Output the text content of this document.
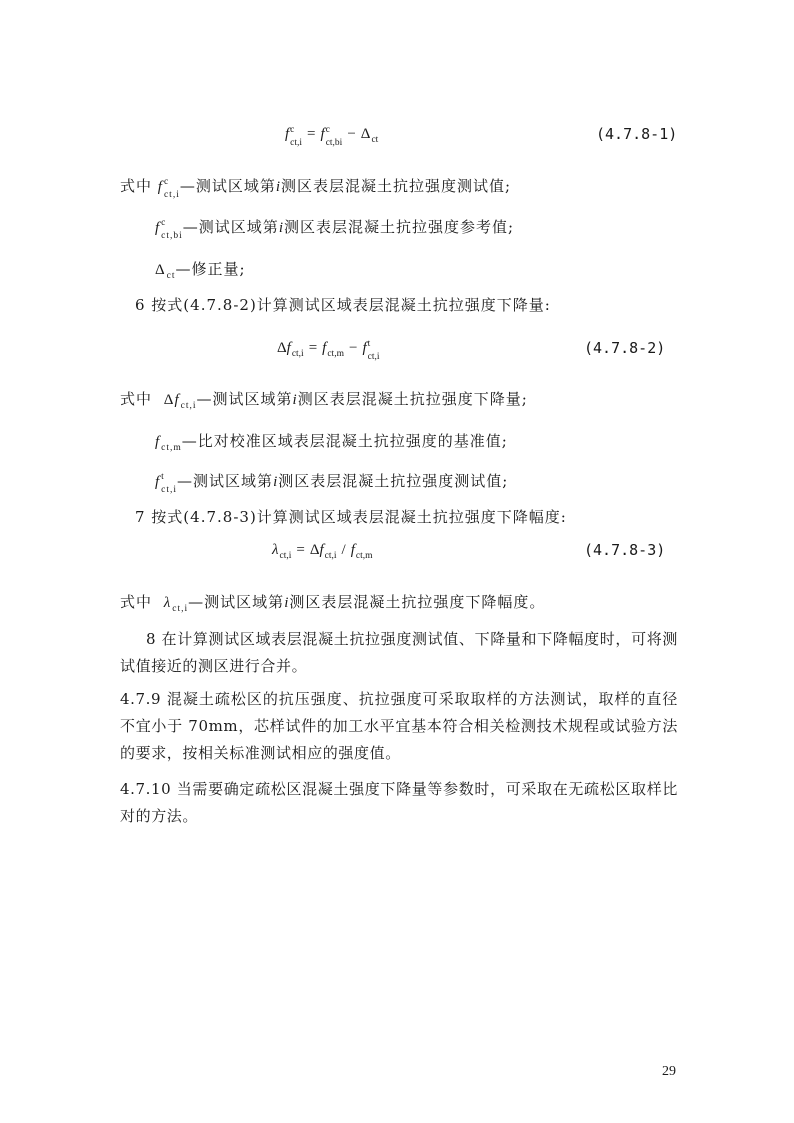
f c
ct,i
= f c
ct,bi
− $\Delta_{ct}$	(4.7.8-1)
式中 f c
ct,i —测试区域第i测区表层混凝土抗拉强度测试值;
f c
ct,bi —测试区域第i测区表层混凝土抗拉强度参考值;
$\Delta_{ct}—$修正量;
6 按式(4.7.8-2)计算测试区域表层混凝土抗拉强度下降量:
$\Delta f_{ct,i} = f_{ct,m} - f$ t
ct,i	(4.7.8-2)
式中 $\Delta f_{ct,i}—$测试区域第i测区表层混凝土抗拉强度下降量;
$f_{ct,m}—$比对校准区域表层混凝土抗拉强度的基准值;
f t
ct,i —测试区域第i测区表层混凝土抗拉强度测试值;
7 按式(4.7.8-3)计算测试区域表层混凝土抗拉强度下降幅度:
$\lambda_{ct,i} = \Delta f_{ct,i} / f_{ct,m}$	(4.7.8-3)
式中 $\lambda_{ct,i}—$测试区域第i测区表层混凝土抗拉强度下降幅度。
8 在计算测试区域表层混凝土抗拉强度测试值、下降量和下降幅度时，可将测试值接近的测区进行合并。
4.7.9 混凝土疏松区的抗压强度、抗拉强度可采取取样的方法测试，取样的直径不宜小于 70mm，芯样试件的加工水平宜基本符合相关检测技术规程或试验方法的要求，按相关标准测试相应的强度值。
4.7.10 当需要确定疏松区混凝土强度下降量等参数时，可采取在无疏松区取样比对的方法。
29
